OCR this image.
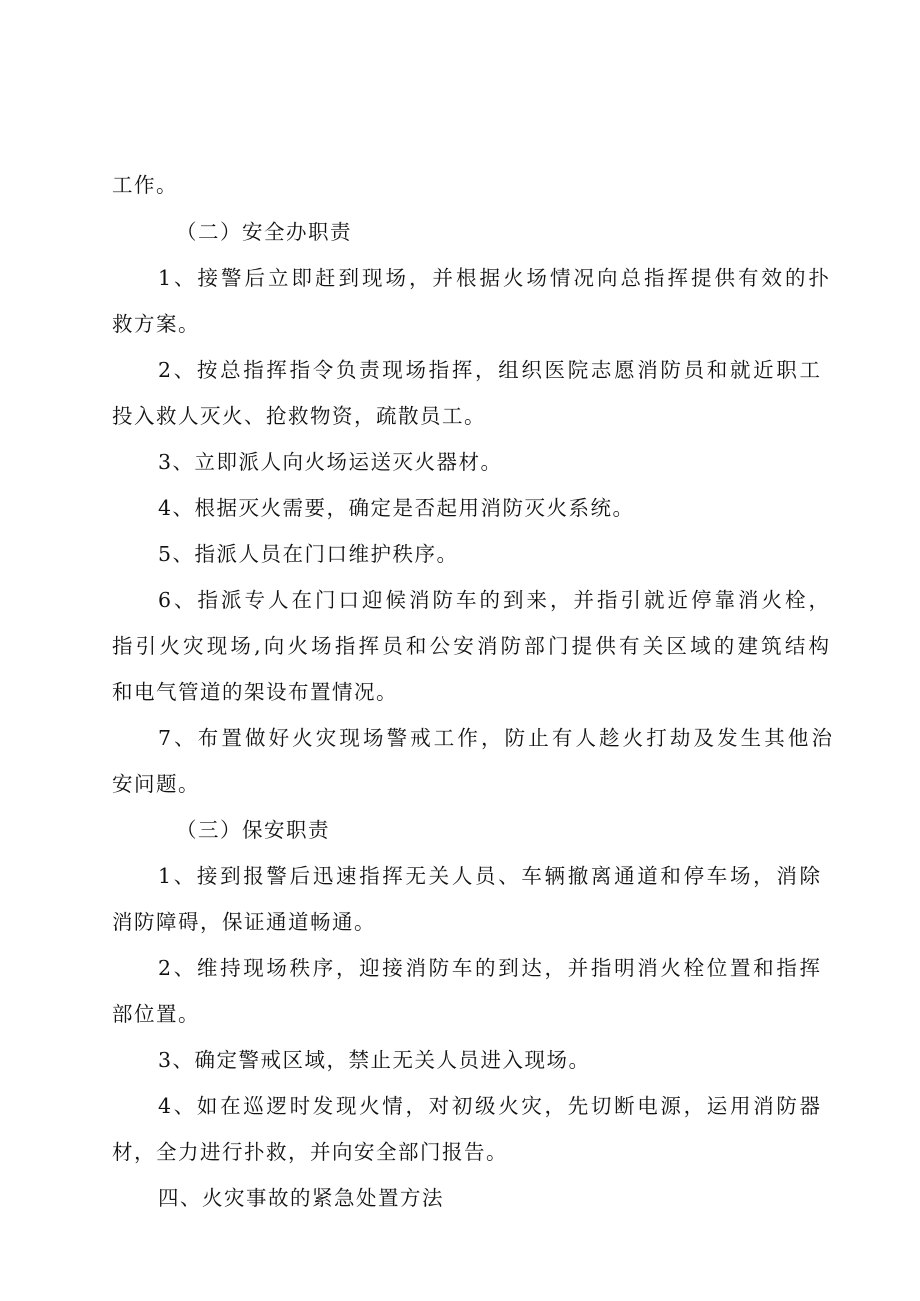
工作。
（二）安全办职责
1、接警后立即赶到现场，并根据火场情况向总指挥提供有效的扑
救方案。
2、按总指挥指令负责现场指挥，组织医院志愿消防员和就近职工
投入救人灭火、抢救物资，疏散员工。
3、立即派人向火场运送灭火器材。
4、根据灭火需要，确定是否起用消防灭火系统。
5、指派人员在门口维护秩序。
6、指派专人在门口迎候消防车的到来，并指引就近停靠消火栓，
指引火灾现场,向火场指挥员和公安消防部门提供有关区域的建筑结构
和电气管道的架设布置情况。
7、布置做好火灾现场警戒工作，防止有人趁火打劫及发生其他治
安问题。
（三）保安职责
1、接到报警后迅速指挥无关人员、车辆撤离通道和停车场，消除
消防障碍，保证通道畅通。
2、维持现场秩序，迎接消防车的到达，并指明消火栓位置和指挥
部位置。
3、确定警戒区域，禁止无关人员进入现场。
4、如在巡逻时发现火情，对初级火灾，先切断电源，运用消防器
材，全力进行扑救，并向安全部门报告。
四、火灾事故的紧急处置方法
